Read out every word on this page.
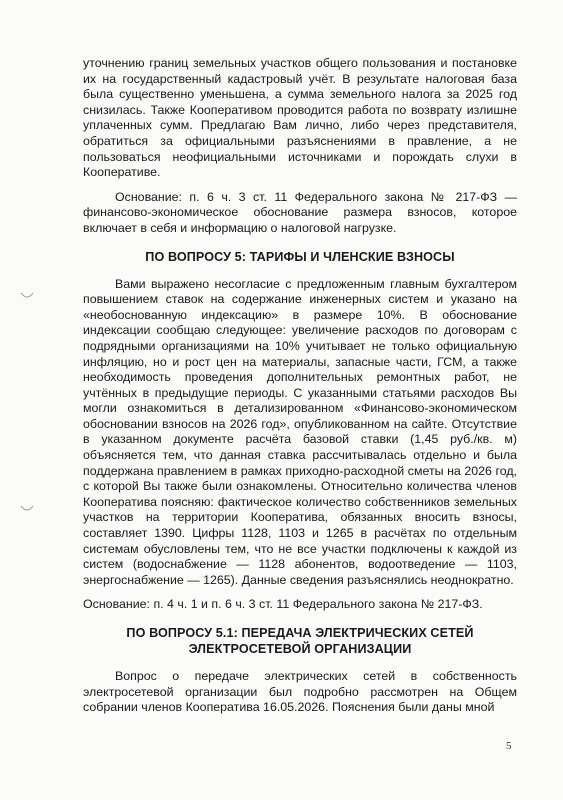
уточнению границ земельных участков общего пользования и постановке их на государственный кадастровый учёт. В результате налоговая база была существенно уменьшена, а сумма земельного налога за 2025 год снизилась. Также Кооперативом проводится работа по возврату излишне уплаченных сумм. Предлагаю Вам лично, либо через представителя, обратиться за официальными разъяснениями в правление, а не пользоваться неофициальными источниками и порождать слухи в Кооперативе.

Основание: п. 6 ч. 3 ст. 11 Федерального закона № 217-ФЗ — финансово-экономическое обоснование размера взносов, которое включает в себя и информацию о налоговой нагрузке.

ПО ВОПРОСУ 5: ТАРИФЫ И ЧЛЕНСКИЕ ВЗНОСЫ

Вами выражено несогласие с предложенным главным бухгалтером повышением ставок на содержание инженерных систем и указано на «необоснованную индексацию» в размере 10%. В обоснование индексации сообщаю следующее: увеличение расходов по договорам с подрядными организациями на 10% учитывает не только официальную инфляцию, но и рост цен на материалы, запасные части, ГСМ, а также необходимость проведения дополнительных ремонтных работ, не учтённых в предыдущие периоды. С указанными статьями расходов Вы могли ознакомиться в детализированном «Финансово-экономическом обосновании взносов на 2026 год», опубликованном на сайте. Отсутствие в указанном документе расчёта базовой ставки (1,45 руб./кв. м) объясняется тем, что данная ставка рассчитывалась отдельно и была поддержана правлением в рамках приходно-расходной сметы на 2026 год, с которой Вы также были ознакомлены. Относительно количества членов Кооператива поясняю: фактическое количество собственников земельных участков на территории Кооператива, обязанных вносить взносы, составляет 1390. Цифры 1128, 1103 и 1265 в расчётах по отдельным системам обусловлены тем, что не все участки подключены к каждой из систем (водоснабжение — 1128 абонентов, водоотведение — 1103, энергоснабжение — 1265). Данные сведения разъяснялись неоднократно.

Основание: п. 4 ч. 1 и п. 6 ч. 3 ст. 11 Федерального закона № 217-ФЗ.

ПО ВОПРОСУ 5.1: ПЕРЕДАЧА ЭЛЕКТРИЧЕСКИХ СЕТЕЙ
ЭЛЕКТРОСЕТЕВОЙ ОРГАНИЗАЦИИ

Вопрос о передаче электрических сетей в собственность электросетевой организации был подробно рассмотрен на Общем собрании членов Кооператива 16.05.2026. Пояснения были даны мной

5
